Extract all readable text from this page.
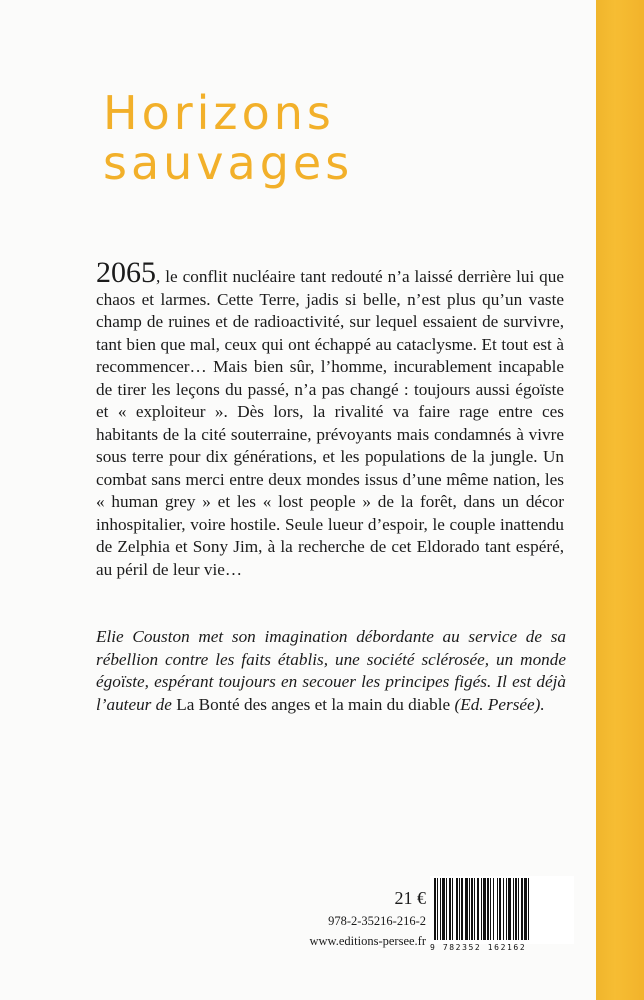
Horizons
sauvages
2065, le conflit nucléaire tant redouté n’a laissé derrière lui que chaos et larmes. Cette Terre, jadis si belle, n’est plus qu’un vaste champ de ruines et de radioactivité, sur lequel essaient de survivre, tant bien que mal, ceux qui ont échappé au cataclysme. Et tout est à recommencer… Mais bien sûr, l’homme, incurablement incapable de tirer les leçons du passé, n’a pas changé : toujours aussi égoïste et « exploiteur ». Dès lors, la rivalité va faire rage entre ces habitants de la cité souterraine, prévoyants mais condamnés à vivre sous terre pour dix générations, et les populations de la jungle. Un combat sans merci entre deux mondes issus d’une même nation, les « human grey » et les « lost people » de la forêt, dans un décor inhospitalier, voire hostile. Seule lueur d’espoir, le couple inattendu de Zelphia et Sony Jim, à la recherche de cet Eldorado tant espéré, au péril de leur vie…
Elie Couston met son imagination débordante au service de sa rébellion contre les faits établis, une société sclérosée, un monde égoïste, espérant toujours en secouer les principes figés. Il est déjà l’auteur de La Bonté des anges et la main du diable (Ed. Persée).
21 €
978-2-35216-216-2
www.editions-persee.fr 9 782352 162162
